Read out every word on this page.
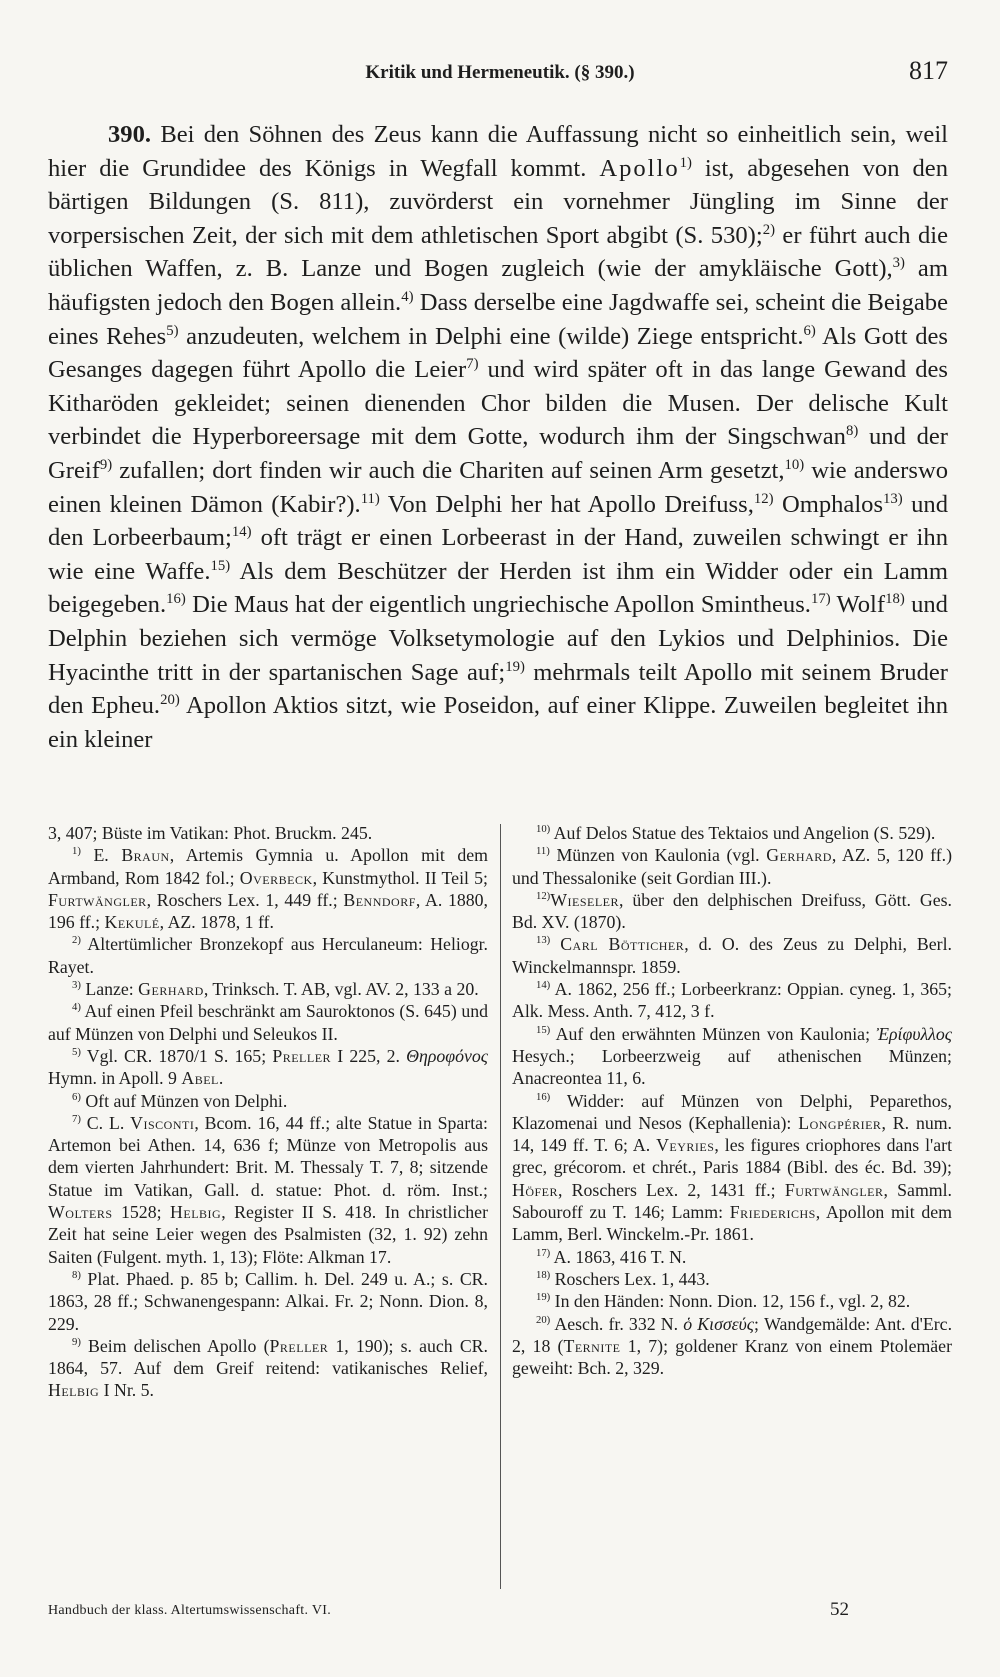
Kritik und Hermeneutik. (§ 390.)	817

390. Bei den Söhnen des Zeus kann die Auffassung nicht so einheitlich sein, weil hier die Grundidee des Königs in Wegfall kommt. Apollo$^{1)}$ ist, abgesehen von den bärtigen Bildungen (S. 811), zuvörderst ein vornehmer Jüngling im Sinne der vorpersischen Zeit, der sich mit dem athletischen Sport abgibt (S. 530);$^{2)}$ er führt auch die üblichen Waffen, z. B. Lanze und Bogen zugleich (wie der amykläische Gott),$^{3)}$ am häufigsten jedoch den Bogen allein.$^{4)}$ Dass derselbe eine Jagdwaffe sei, scheint die Beigabe eines Rehes$^{5)}$ anzudeuten, welchem in Delphi eine (wilde) Ziege entspricht.$^{6)}$ Als Gott des Gesanges dagegen führt Apollo die Leier$^{7)}$ und wird später oft in das lange Gewand des Kitharöden gekleidet; seinen dienenden Chor bilden die Musen. Der delische Kult verbindet die Hyperboreersage mit dem Gotte, wodurch ihm der Singschwan$^{8)}$ und der Greif$^{9)}$ zufallen; dort finden wir auch die Chariten auf seinen Arm gesetzt,$^{10)}$ wie anderswo einen kleinen Dämon (Kabir?).$^{11)}$ Von Delphi her hat Apollo Dreifuss,$^{12)}$ Omphalos$^{13)}$ und den Lorbeerbaum;$^{14)}$ oft trägt er einen Lorbeerast in der Hand, zuweilen schwingt er ihn wie eine Waffe.$^{15)}$ Als dem Beschützer der Herden ist ihm ein Widder oder ein Lamm beigegeben.$^{16)}$ Die Maus hat der eigentlich ungriechische Apollon Smintheus.$^{17)}$ Wolf$^{18)}$ und Delphin beziehen sich vermöge Volksetymologie auf den Lykios und Delphinios. Die Hyacinthe tritt in der spartanischen Sage auf;$^{19)}$ mehrmals teilt Apollo mit seinem Bruder den Epheu.$^{20)}$ Apollon Aktios sitzt, wie Poseidon, auf einer Klippe. Zuweilen begleitet ihn ein kleiner

3, 407; Büste im Vatikan: Phot. Bruckm. 245.

$^{1)}$ E. Braun, Artemis Gymnia u. Apollon mit dem Armband, Rom 1842 fol.; Overbeck, Kunstmythol. II Teil 5; Furtwängler, Roschers Lex. 1, 449 ff.; Benndorf, A. 1880, 196 ff.; Kekulé, AZ. 1878, 1 ff.

$^{2)}$ Altertümlicher Bronzekopf aus Herculaneum: Heliogr. Rayet.

$^{3)}$ Lanze: Gerhard, Trinksch. T. AB, vgl. AV. 2, 133 a 20.

$^{4)}$ Auf einen Pfeil beschränkt am Sauroktonos (S. 645) und auf Münzen von Delphi und Seleukos II.

$^{5)}$ Vgl. CR. 1870/1 S. 165; Preller I 225, 2. Θηροφόνος Hymn. in Apoll. 9 Abel.

$^{6)}$ Oft auf Münzen von Delphi.

$^{7)}$ C. L. Visconti, Bcom. 16, 44 ff.; alte Statue in Sparta: Artemon bei Athen. 14, 636 f; Münze von Metropolis aus dem vierten Jahrhundert: Brit. M. Thessaly T. 7, 8; sitzende Statue im Vatikan, Gall. d. statue: Phot. d. röm. Inst.; Wolters 1528; Helbig, Register II S. 418. In christlicher Zeit hat seine Leier wegen des Psalmisten (32, 1. 92) zehn Saiten (Fulgent. myth. 1, 13); Flöte: Alkman 17.

$^{8)}$ Plat. Phaed. p. 85 b; Callim. h. Del. 249 u. A.; s. CR. 1863, 28 ff.; Schwanengespann: Alkai. Fr. 2; Nonn. Dion. 8, 229.

$^{9)}$ Beim delischen Apollo (Preller 1, 190); s. auch CR. 1864, 57. Auf dem Greif reitend: vatikanisches Relief, Helbig I Nr. 5.

$^{10)}$ Auf Delos Statue des Tektaios und Angelion (S. 529).

$^{11)}$ Münzen von Kaulonia (vgl. Gerhard, AZ. 5, 120 ff.) und Thessalonike (seit Gordian III.).

$^{12)}$Wieseler, über den delphischen Dreifuss, Gött. Ges. Bd. XV. (1870).

$^{13)}$ Carl Bötticher, d. O. des Zeus zu Delphi, Berl. Winckelmannspr. 1859.

$^{14)}$ A. 1862, 256 ff.; Lorbeerkranz: Oppian. cyneg. 1, 365; Alk. Mess. Anth. 7, 412, 3 f.

$^{15)}$ Auf den erwähnten Münzen von Kaulonia; Ἐρίφυλλος Hesych.; Lorbeerzweig auf athenischen Münzen; Anacreontea 11, 6.

$^{16)}$ Widder: auf Münzen von Delphi, Peparethos, Klazomenai und Nesos (Kephallenia): Longpérier, R. num. 14, 149 ff. T. 6; A. Veyries, les figures criophores dans l'art grec, grécorom. et chrét., Paris 1884 (Bibl. des éc. Bd. 39); Höfer, Roschers Lex. 2, 1431 ff.; Furtwängler, Samml. Sabouroff zu T. 146; Lamm: Friederichs, Apollon mit dem Lamm, Berl. Winckelm.-Pr. 1861.

$^{17)}$ A. 1863, 416 T. N.

$^{18)}$ Roschers Lex. 1, 443.

$^{19)}$ In den Händen: Nonn. Dion. 12, 156 f., vgl. 2, 82.

$^{20)}$ Aesch. fr. 332 N. ὁ Κισσεύς; Wandgemälde: Ant. d'Erc. 2, 18 (Ternite 1, 7); goldener Kranz von einem Ptolemäer geweiht: Bch. 2, 329.

Handbuch der klass. Altertumswissenschaft. VI.	52
